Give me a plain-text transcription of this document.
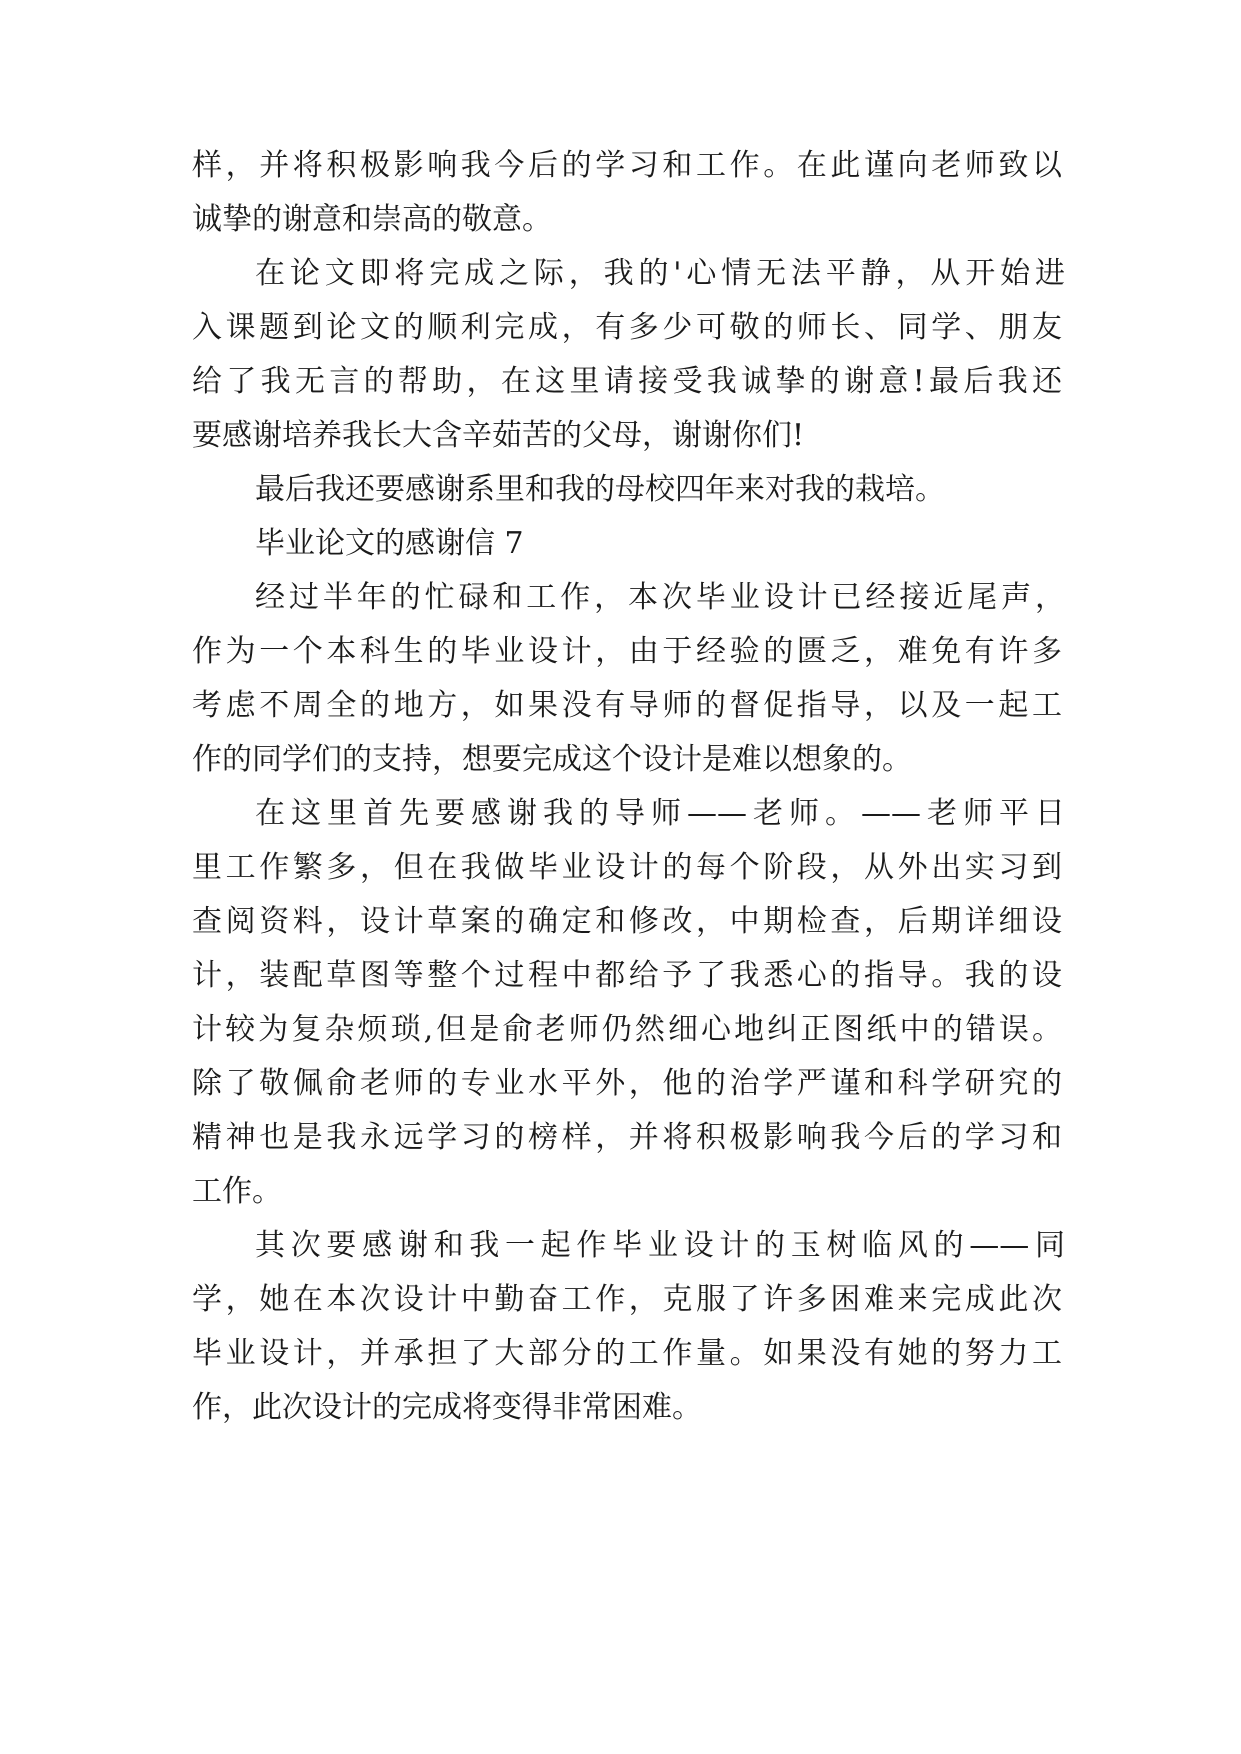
样，并将积极影响我今后的学习和工作。在此谨向老师致以
诚挚的谢意和崇高的敬意。
在论文即将完成之际，我的'心情无法平静，从开始进
入课题到论文的顺利完成，有多少可敬的师长、同学、朋友
给了我无言的帮助，在这里请接受我诚挚的谢意!最后我还
要感谢培养我长大含辛茹苦的父母，谢谢你们!
最后我还要感谢系里和我的母校四年来对我的栽培。
毕业论文的感谢信 7
经过半年的忙碌和工作，本次毕业设计已经接近尾声，
作为一个本科生的毕业设计，由于经验的匮乏，难免有许多
考虑不周全的地方，如果没有导师的督促指导，以及一起工
作的同学们的支持，想要完成这个设计是难以想象的。
在这里首先要感谢我的导师——老师。——老师平日
里工作繁多，但在我做毕业设计的每个阶段，从外出实习到
查阅资料，设计草案的确定和修改，中期检查，后期详细设
计，装配草图等整个过程中都给予了我悉心的指导。我的设
计较为复杂烦琐,但是俞老师仍然细心地纠正图纸中的错误。
除了敬佩俞老师的专业水平外，他的治学严谨和科学研究的
精神也是我永远学习的榜样，并将积极影响我今后的学习和
工作。
其次要感谢和我一起作毕业设计的玉树临风的——同
学，她在本次设计中勤奋工作，克服了许多困难来完成此次
毕业设计，并承担了大部分的工作量。如果没有她的努力工
作，此次设计的完成将变得非常困难。
